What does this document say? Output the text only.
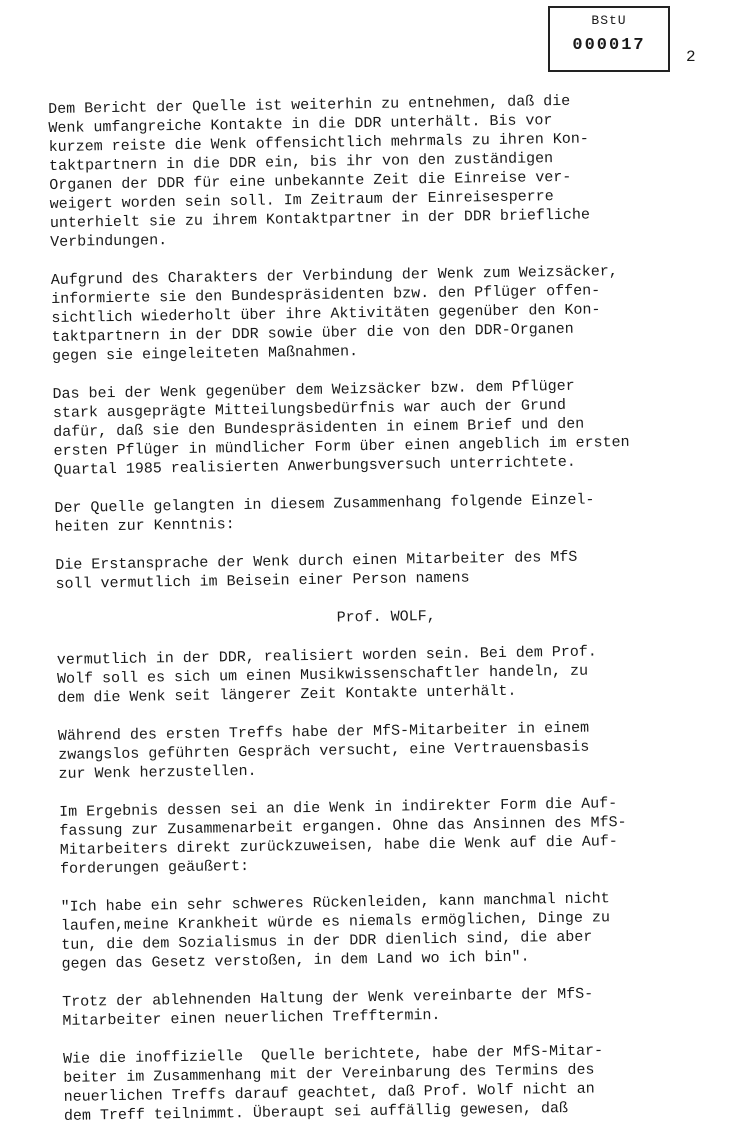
BStU
000017
2

Dem Bericht der Quelle ist weiterhin zu entnehmen, daß die
Wenk umfangreiche Kontakte in die DDR unterhält. Bis vor
kurzem reiste die Wenk offensichtlich mehrmals zu ihren Kon-
taktpartnern in die DDR ein, bis ihr von den zuständigen
Organen der DDR für eine unbekannte Zeit die Einreise ver-
weigert worden sein soll. Im Zeitraum der Einreisesperre
unterhielt sie zu ihrem Kontaktpartner in der DDR briefliche
Verbindungen.

Aufgrund des Charakters der Verbindung der Wenk zum Weizsäcker,
informierte sie den Bundespräsidenten bzw. den Pflüger offen-
sichtlich wiederholt über ihre Aktivitäten gegenüber den Kon-
taktpartnern in der DDR sowie über die von den DDR-Organen
gegen sie eingeleiteten Maßnahmen.

Das bei der Wenk gegenüber dem Weizsäcker bzw. dem Pflüger
stark ausgeprägte Mitteilungsbedürfnis war auch der Grund
dafür, daß sie den Bundespräsidenten in einem Brief und den
ersten Pflüger in mündlicher Form über einen angeblich im ersten
Quartal 1985 realisierten Anwerbungsversuch unterrichtete.

Der Quelle gelangten in diesem Zusammenhang folgende Einzel-
heiten zur Kenntnis:

Die Erstansprache der Wenk durch einen Mitarbeiter des MfS
soll vermutlich im Beisein einer Person namens

Prof. WOLF,

vermutlich in der DDR, realisiert worden sein. Bei dem Prof.
Wolf soll es sich um einen Musikwissenschaftler handeln, zu
dem die Wenk seit längerer Zeit Kontakte unterhält.

Während des ersten Treffs habe der MfS-Mitarbeiter in einem
zwangslos geführten Gespräch versucht, eine Vertrauensbasis
zur Wenk herzustellen.

Im Ergebnis dessen sei an die Wenk in indirekter Form die Auf-
fassung zur Zusammenarbeit ergangen. Ohne das Ansinnen des MfS-
Mitarbeiters direkt zurückzuweisen, habe die Wenk auf die Auf-
forderungen geäußert:

"Ich habe ein sehr schweres Rückenleiden, kann manchmal nicht
laufen,meine Krankheit würde es niemals ermöglichen, Dinge zu
tun, die dem Sozialismus in der DDR dienlich sind, die aber
gegen das Gesetz verstoßen, in dem Land wo ich bin".

Trotz der ablehnenden Haltung der Wenk vereinbarte der MfS-
Mitarbeiter einen neuerlichen Trefftermin.

Wie die inoffizielle  Quelle berichtete, habe der MfS-Mitar-
beiter im Zusammenhang mit der Vereinbarung des Termins des
neuerlichen Treffs darauf geachtet, daß Prof. Wolf nicht an
dem Treff teilnimmt. Überaupt sei auffällig gewesen, daß
